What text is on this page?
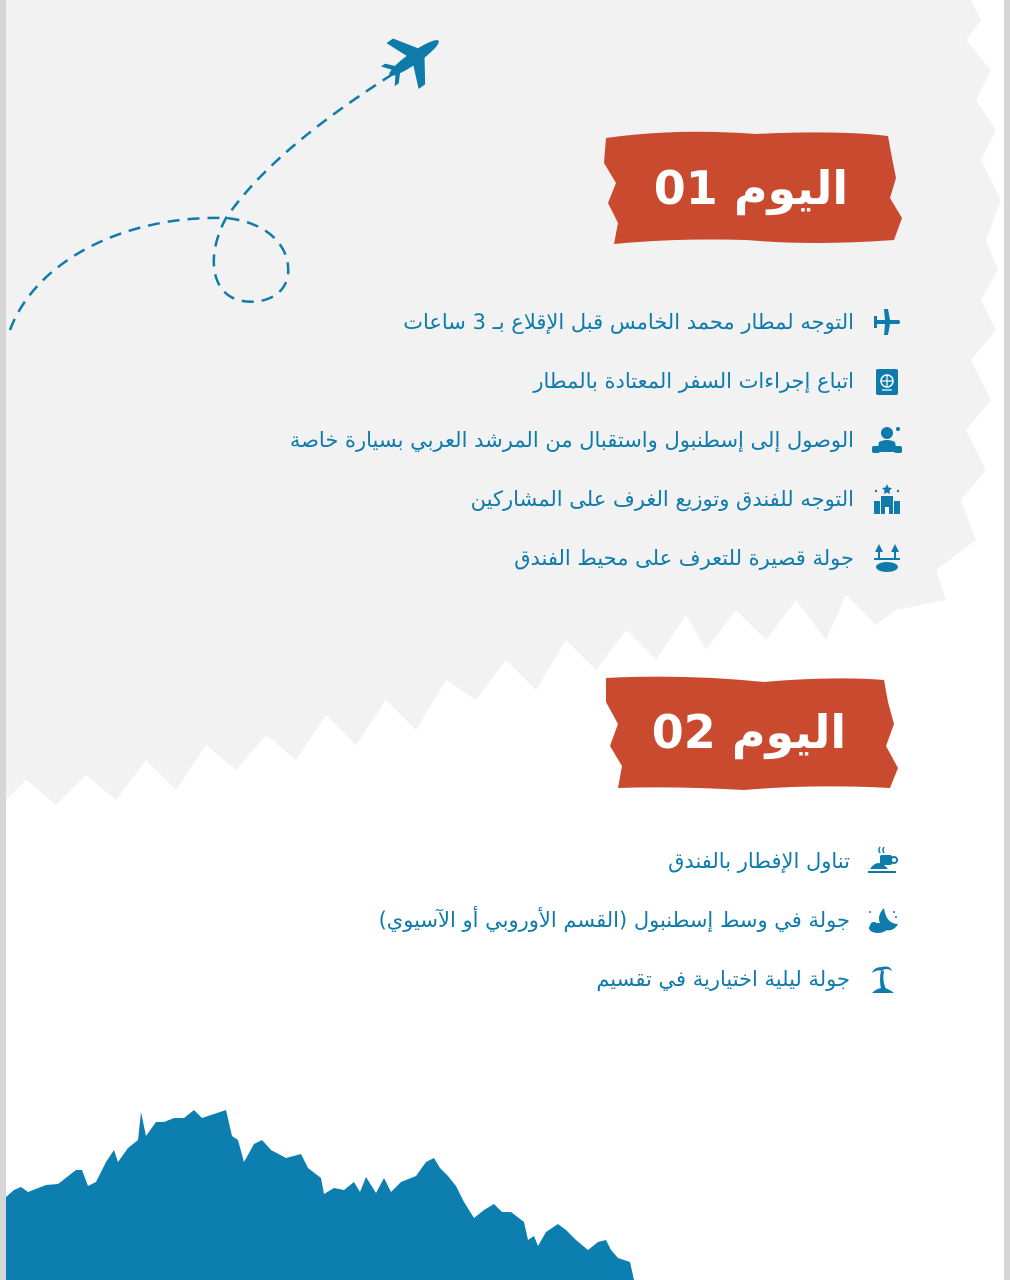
اليوم 01
التوجه لمطار محمد الخامس قبل الإقلاع بـ 3 ساعات
اتباع إجراءات السفر المعتادة بالمطار
الوصول إلى إسطنبول واستقبال من المرشد العربي بسيارة خاصة
التوجه للفندق وتوزيع الغرف على المشاركين
جولة قصيرة للتعرف على محيط الفندق
اليوم 02
تناول الإفطار بالفندق
جولة في وسط إسطنبول (القسم الأوروبي أو الآسيوي)
جولة ليلية اختيارية في تقسيم
